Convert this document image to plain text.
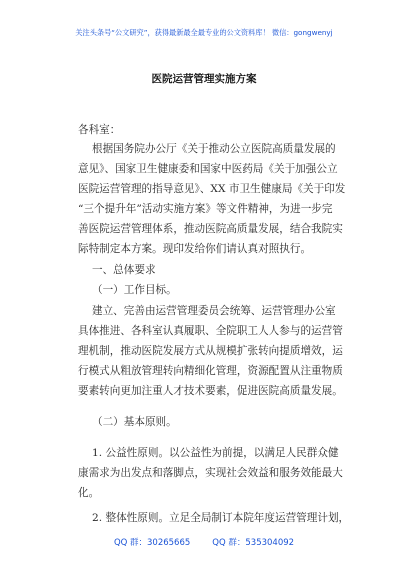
关注头条号“公文研究”，获得最新最全最专业的公文资料库！ 微信：gongwenyj
医院运营管理实施方案
各科室：
根据国务院办公厅《关于推动公立医院高质量发展的
意见》、国家卫生健康委和国家中医药局《关于加强公立
医院运营管理的指导意见》、XX 市卫生健康局《关于印发
“三个提升年”活动实施方案》等文件精神，为进一步完
善医院运营管理体系，推动医院高质量发展，结合我院实
际特制定本方案。现印发给你们请认真对照执行。
一、总体要求
（一）工作目标。
建立、完善由运营管理委员会统筹、运营管理办公室
具体推进、各科室认真履职、全院职工人人参与的运营管
理机制，推动医院发展方式从规模扩张转向提质增效，运
行模式从粗放管理转向精细化管理，资源配置从注重物质
要素转向更加注重人才技术要素，促进医院高质量发展。
（二）基本原则。
1. 公益性原则。以公益性为前提，以满足人民群众健
康需求为出发点和落脚点，实现社会效益和服务效能最大
化。
2. 整体性原则。立足全局制订本院年度运营管理计划，
QQ 群：30265665	QQ 群：535304092
